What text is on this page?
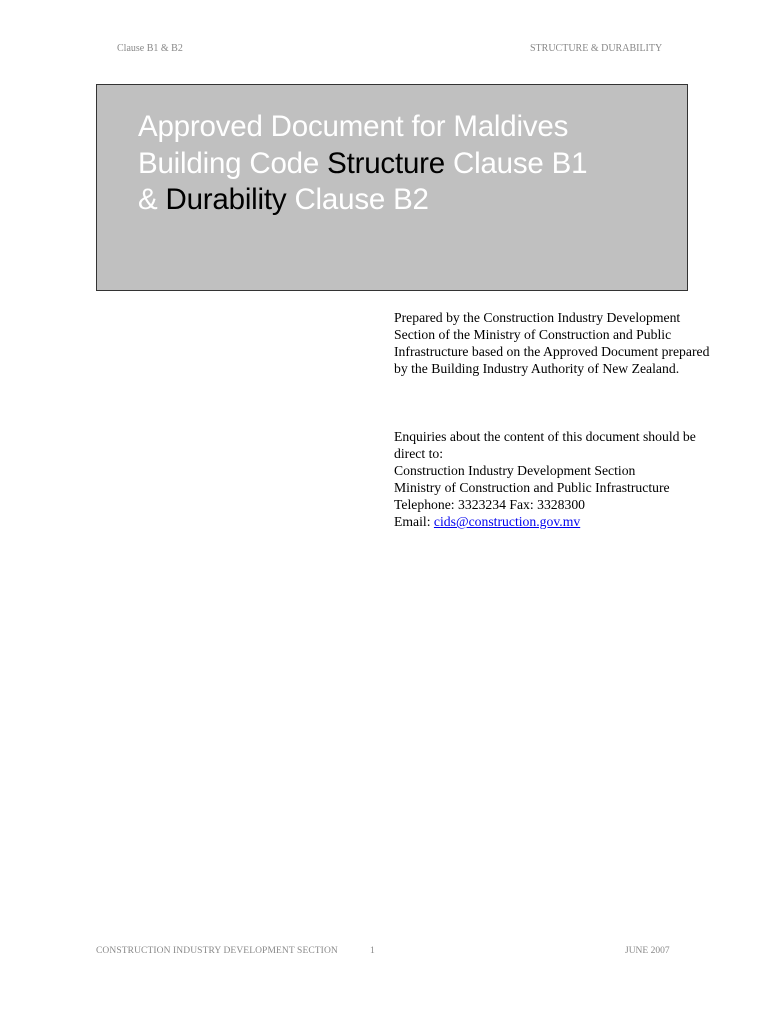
Clause B1 & B2	STRUCTURE & DURABILITY
Approved Document for Maldives
Building Code Structure Clause B1
& Durability Clause B2
Prepared by the Construction Industry Development Section of the Ministry of Construction and Public Infrastructure based on the Approved Document prepared by the Building Industry Authority of New Zealand.
Enquiries about the content of this document should be direct to:
Construction Industry Development Section
Ministry of Construction and Public Infrastructure
Telephone: 3323234 Fax: 3328300
Email: cids@construction.gov.mv
CONSTRUCTION INDUSTRY DEVELOPMENT SECTION	1	JUNE 2007
